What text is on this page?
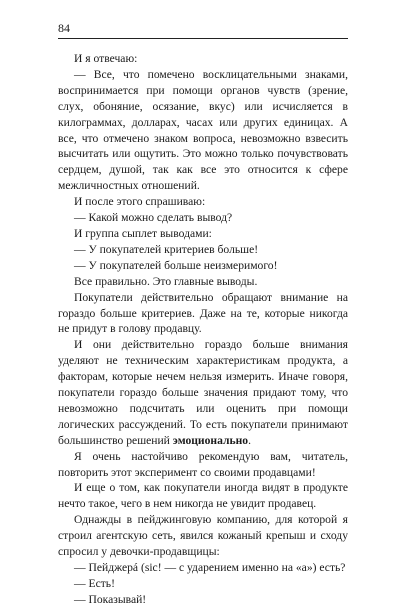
84

И я отвечаю:

— Все, что помечено восклицательными знаками, воспринимается при помощи органов чувств (зрение, слух, обоняние, осязание, вкус) или исчисляется в килограммах, долларах, часах или других единицах. А все, что отмечено знаком вопроса, невозможно взвесить высчитать или ощутить. Это можно только почувствовать сердцем, душой, так как все это относится к сфере межличностных отношений.

И после этого спрашиваю:

— Какой можно сделать вывод?

И группа сыплет выводами:

— У покупателей критериев больше!

— У покупателей больше неизмеримого!

Все правильно. Это главные выводы.

Покупатели действительно обращают внимание на гораздо больше критериев. Даже на те, которые никогда не придут в голову продавцу.

И они действительно гораздо больше внимания уделяют не техническим характеристикам продукта, а факторам, которые нечем нельзя измерить. Иначе говоря, покупатели гораздо больше значения придают тому, что невозможно подсчитать или оценить при помощи логических рассуждений. То есть покупатели принимают большинство решений эмоционально.

Я очень настойчиво рекомендую вам, читатель, повторить этот эксперимент со своими продавцами!

И еще о том, как покупатели иногда видят в продукте нечто такое, чего в нем никогда не увидит продавец.

Однажды в пейджинговую компанию, для которой я строил агентскую сеть, явился кожаный крепыш и сходу спросил у девочки-продавщицы:

— Пейджерá (sic! — с ударением именно на «а») есть?

— Есть!

— Показывай!
